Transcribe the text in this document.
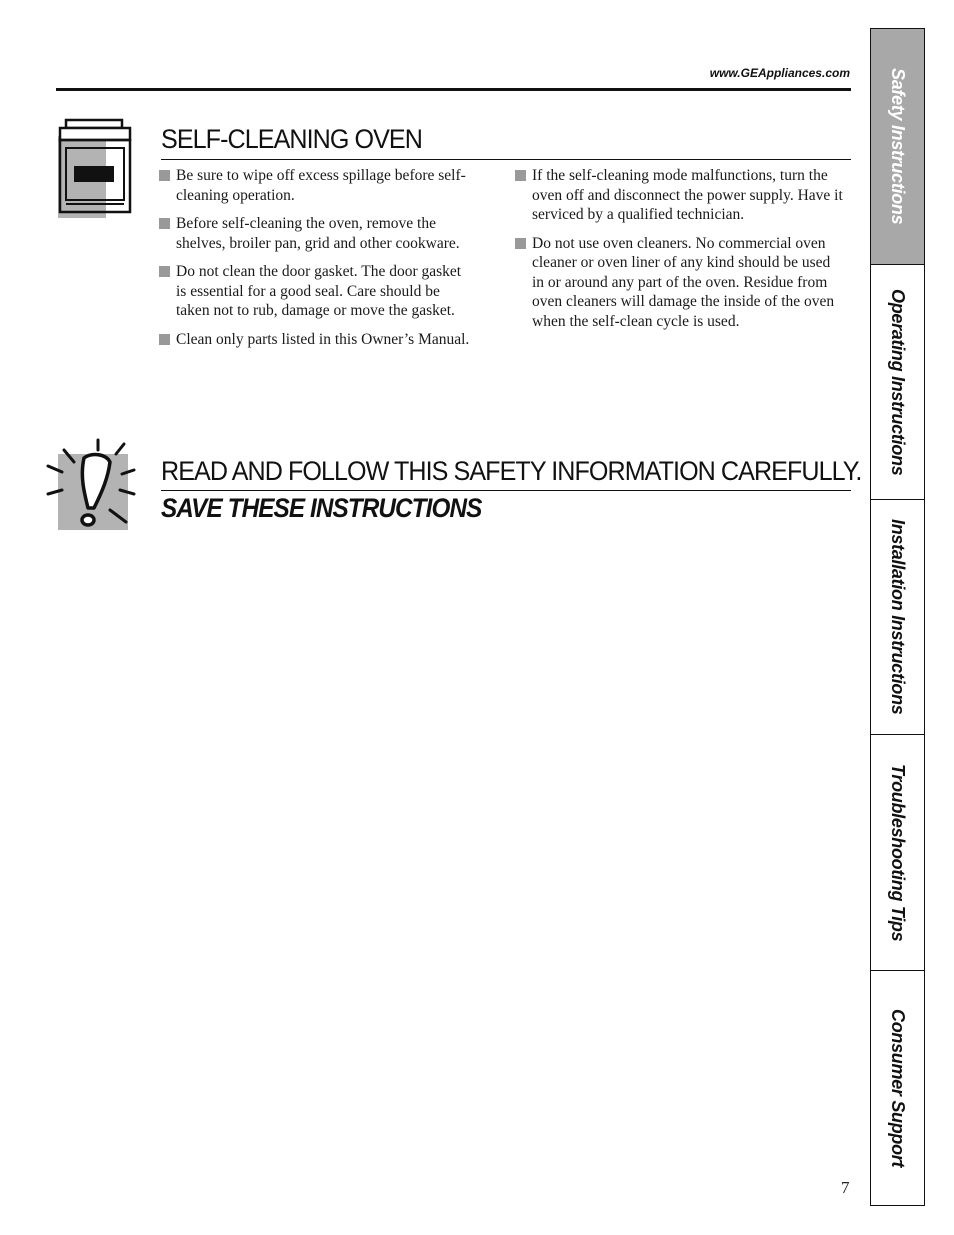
www.GEAppliances.com
SELF-CLEANING OVEN
Be sure to wipe off excess spillage before self-cleaning operation.
Before self-cleaning the oven, remove the shelves, broiler pan, grid and other cookware.
Do not clean the door gasket. The door gasket is essential for a good seal. Care should be taken not to rub, damage or move the gasket.
Clean only parts listed in this Owner’s Manual.
If the self-cleaning mode malfunctions, turn the oven off and disconnect the power supply. Have it serviced by a qualified technician.
Do not use oven cleaners. No commercial oven cleaner or oven liner of any kind should be used in or around any part of the oven. Residue from oven cleaners will damage the inside of the oven when the self-clean cycle is used.
READ AND FOLLOW THIS SAFETY INFORMATION CAREFULLY.
SAVE THESE INSTRUCTIONS
7
Safety Instructions
Operating Instructions
Installation Instructions
Troubleshooting Tips
Consumer Support
